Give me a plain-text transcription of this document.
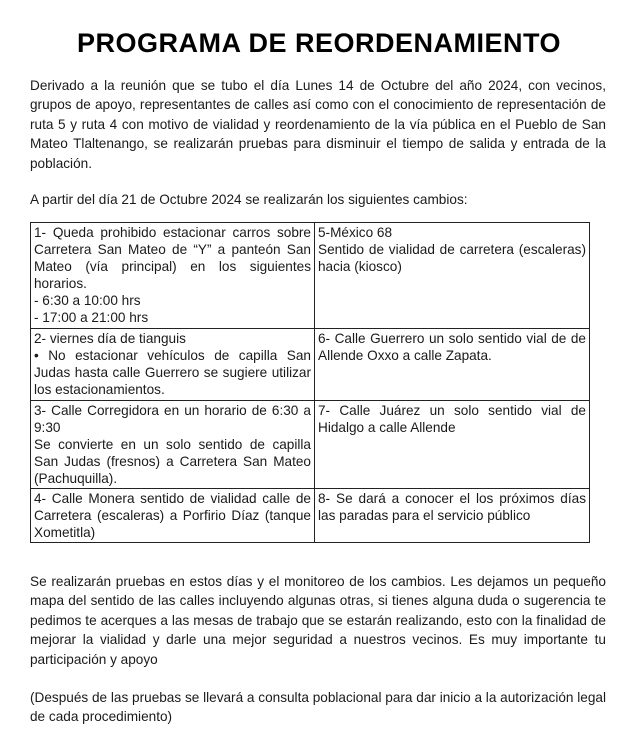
PROGRAMA DE REORDENAMIENTO
Derivado a la reunión que se tubo el día Lunes 14 de Octubre del año 2024, con vecinos, grupos de apoyo, representantes de calles así como con el conocimiento de representación de ruta 5 y ruta 4 con motivo de vialidad y reordenamiento de la vía pública en el Pueblo de San Mateo Tlaltenango, se realizarán pruebas para disminuir el tiempo de salida y entrada de la población.
A partir del día 21 de Octubre 2024 se realizarán los siguientes cambios:
1- Queda prohibido estacionar carros sobre Carretera San Mateo de “Y” a panteón San Mateo (vía principal) en los siguientes horarios.
- 6:30 a 10:00 hrs
- 17:00 a 21:00 hrs	5-México 68
Sentido de vialidad de carretera (escaleras) hacia (kiosco)

2- viernes día de tianguis
• No estacionar vehículos de capilla San Judas hasta calle Guerrero se sugiere utilizar los estacionamientos.	6- Calle Guerrero un solo sentido vial de de Allende Oxxo a calle Zapata.

3- Calle Corregidora en un horario de 6:30 a 9:30
Se convierte en un solo sentido de capilla San Judas (fresnos) a Carretera San Mateo (Pachuquilla).	7- Calle Juárez un solo sentido vial de Hidalgo a calle Allende

4- Calle Monera sentido de vialidad calle de Carretera (escaleras) a Porfirio Díaz (tanque Xometitla)	8- Se dará a conocer el los próximos días las paradas para el servicio público
Se realizarán pruebas en estos días y el monitoreo de los cambios. Les dejamos un pequeño mapa del sentido de las calles incluyendo algunas otras, si tienes alguna duda o sugerencia te pedimos te acerques a las mesas de trabajo que se estarán realizando, esto con la finalidad de mejorar la vialidad y darle una mejor seguridad a nuestros vecinos. Es muy importante tu participación y apoyo
(Después de las pruebas se llevará a consulta poblacional para dar inicio a la autorización legal de cada procedimiento)
